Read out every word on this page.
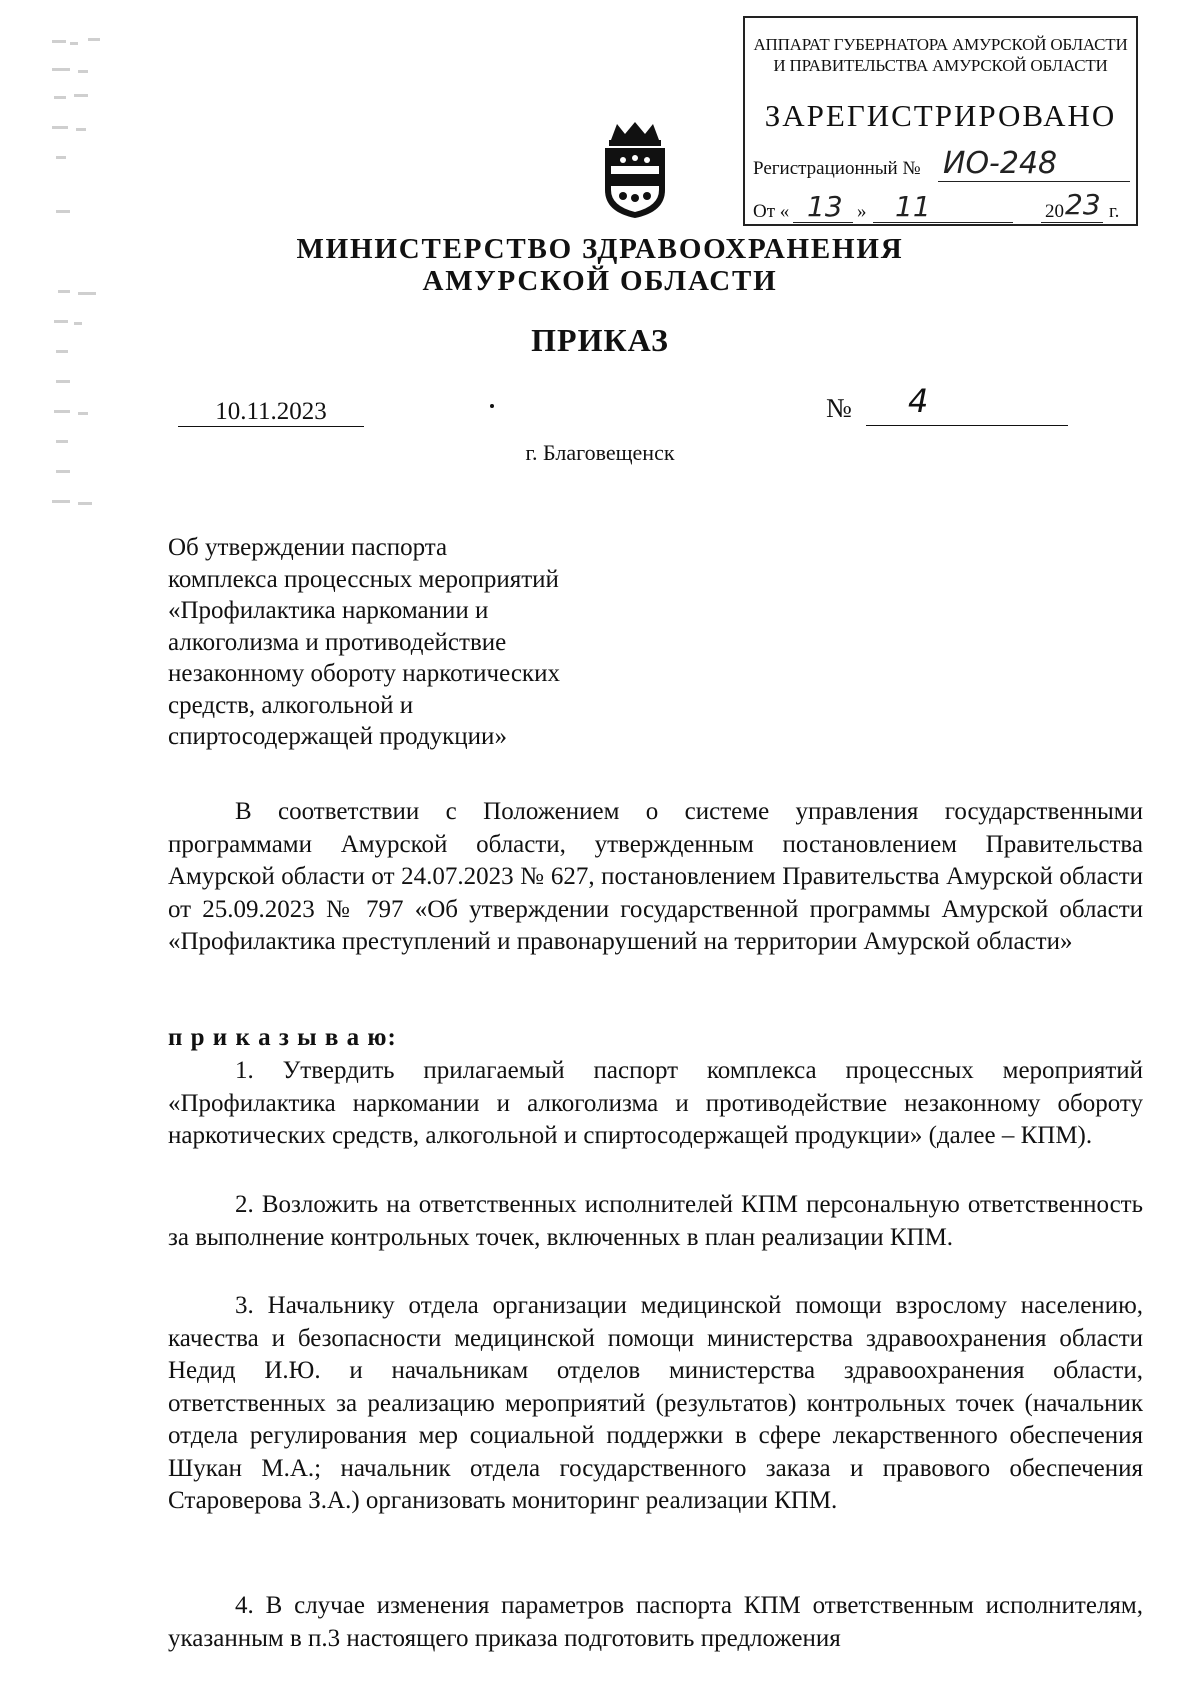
АППАРАТ ГУБЕРНАТОРА АМУРСКОЙ ОБЛАСТИ
И ПРАВИТЕЛЬСТВА АМУРСКОЙ ОБЛАСТИ
ЗАРЕГИСТРИРОВАНО
Регистрационный № ИО-248
От « 13 » 11	20 23 г.
МИНИСТЕРСТВО ЗДРАВООХРАНЕНИЯ
АМУРСКОЙ ОБЛАСТИ
ПРИКАЗ
10.11.2023	№ 4
г. Благовещенск
Об утверждении паспорта
комплекса процессных мероприятий
«Профилактика наркомании и
алкоголизма и противодействие
незаконному обороту наркотических
средств, алкогольной и
спиртосодержащей продукции»
В соответствии с Положением о системе управления государственными программами Амурской области, утвержденным постановлением Правительства Амурской области от 24.07.2023 № 627, постановлением Правительства Амурской области от 25.09.2023 № 797 «Об утверждении государственной программы Амурской области «Профилактика преступлений и правонарушений на территории Амурской области»
п р и к а з ы в а ю:
1. Утвердить прилагаемый паспорт комплекса процессных мероприятий «Профилактика наркомании и алкоголизма и противодействие незаконному обороту наркотических средств, алкогольной и спиртосодержащей продукции» (далее – КПМ).
2. Возложить на ответственных исполнителей КПМ персональную ответственность за выполнение контрольных точек, включенных в план реализации КПМ.
3. Начальнику отдела организации медицинской помощи взрослому населению, качества и безопасности медицинской помощи министерства здравоохранения области Недид И.Ю. и начальникам отделов министерства здравоохранения области, ответственных за реализацию мероприятий (результатов) контрольных точек (начальник отдела регулирования мер социальной поддержки в сфере лекарственного обеспечения Шукан М.А.; начальник отдела государственного заказа и правового обеспечения Староверова З.А.) организовать мониторинг реализации КПМ.
4. В случае изменения параметров паспорта КПМ ответственным исполнителям, указанным в п.3 настоящего приказа подготовить предложения
